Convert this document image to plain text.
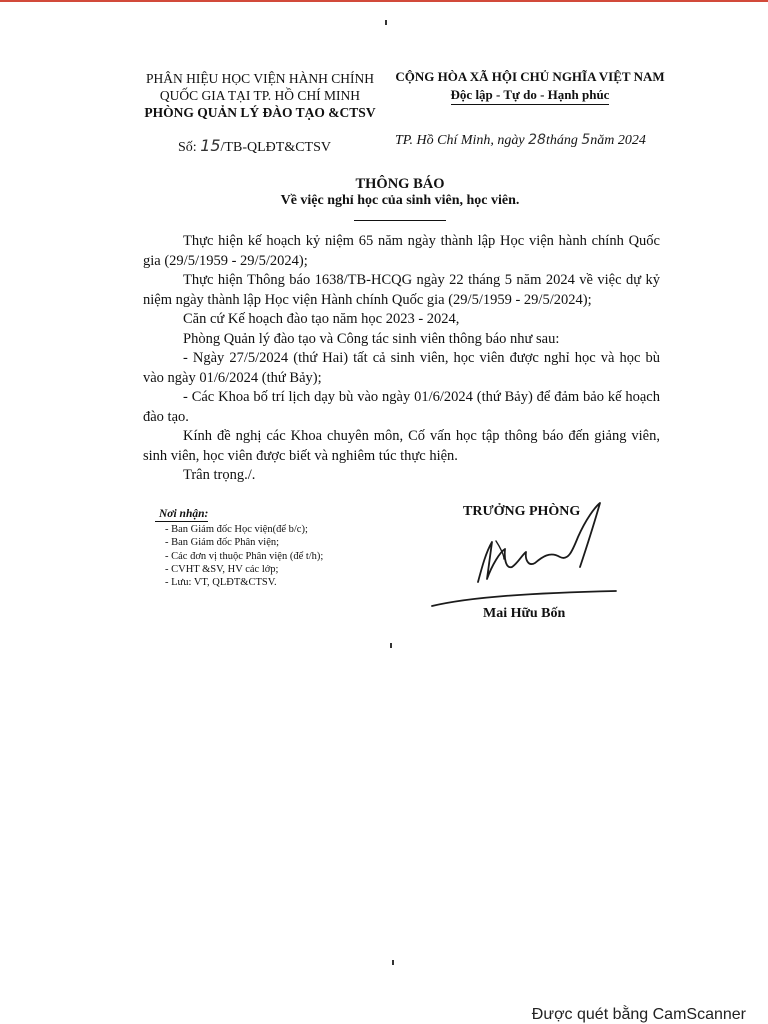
PHÂN HIỆU HỌC VIỆN HÀNH CHÍNH
QUỐC GIA TẠI TP. HỒ CHÍ MINH
PHÒNG QUẢN LÝ ĐÀO TẠO &CTSV
CỘNG HÒA XÃ HỘI CHỦ NGHĨA VIỆT NAM
Độc lập - Tự do - Hạnh phúc
Số: 15/TB-QLĐT&CTSV	TP. Hồ Chí Minh, ngày 28tháng 5năm 2024
THÔNG BÁO
Về việc nghỉ học của sinh viên, học viên.

Thực hiện kế hoạch kỷ niệm 65 năm ngày thành lập Học viện hành chính Quốc gia (29/5/1959 - 29/5/2024);

Thực hiện Thông báo 1638/TB-HCQG ngày 22 tháng 5 năm 2024 về việc dự kỷ niệm ngày thành lập Học viện Hành chính Quốc gia (29/5/1959 - 29/5/2024);

Căn cứ Kế hoạch đào tạo năm học 2023 - 2024,

Phòng Quản lý đào tạo và Công tác sinh viên thông báo như sau:

- Ngày 27/5/2024 (thứ Hai) tất cả sinh viên, học viên được nghỉ học và học bù vào ngày 01/6/2024 (thứ Bảy);

- Các Khoa bố trí lịch dạy bù vào ngày 01/6/2024 (thứ Bảy) để đảm bảo kế hoạch đào tạo.

Kính đề nghị các Khoa chuyên môn, Cố vấn học tập thông báo đến giảng viên, sinh viên, học viên được biết và nghiêm túc thực hiện.

Trân trọng./.

Nơi nhận:
- Ban Giám đốc Học viện(để b/c);
- Ban Giám đốc Phân viện;
- Các đơn vị thuộc Phân viện (để t/h);
- CVHT &SV, HV các lớp;
- Lưu: VT, QLĐT&CTSV.
TRƯỞNG PHÒNG
Mai Hữu Bốn
Được quét bằng CamScanner
